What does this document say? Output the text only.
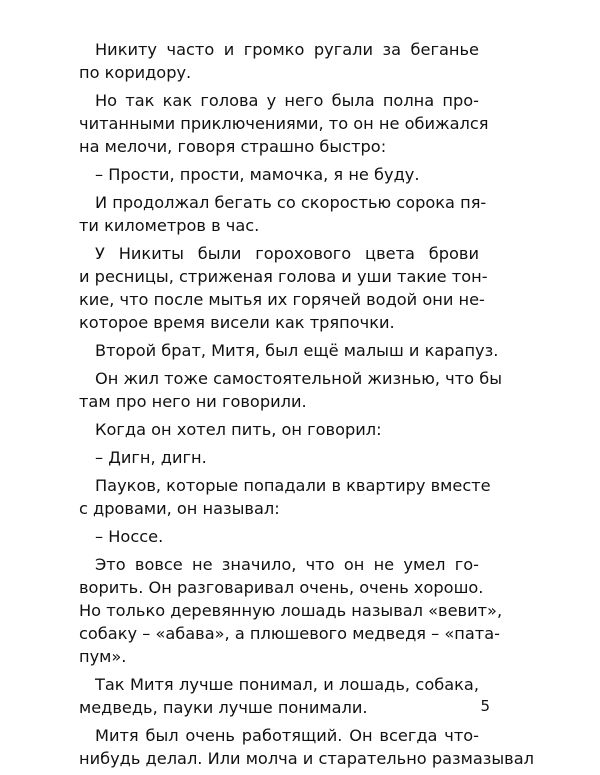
Никиту часто и громко ругали за беганье
по коридору.
Но так как голова у него была полна про-
читанными приключениями, то он не обижался
на мелочи, говоря страшно быстро:
– Прости, прости, мамочка, я не буду.
И продолжал бегать со скоростью сорока пя-
ти километров в час.
У Никиты были горохового цвета брови
и ресницы, стриженая голова и уши такие тон-
кие, что после мытья их горячей водой они не-
которое время висели как тряпочки.
Второй брат, Митя, был ещё малыш и карапуз.
Он жил тоже самостоятельной жизнью, что бы
там про него ни говорили.
Когда он хотел пить, он говорил:
– Дигн, дигн.
Пауков, которые попадали в квартиру вместе
с дровами, он называл:
– Носсе.
Это вовсе не значило, что он не умел го-
ворить. Он разговаривал очень, очень хорошо.
Но только деревянную лошадь называл «вевит»,
собаку – «абава», а плюшевого медведя – «пата-
пум».
Так Митя лучше понимал, и лошадь, собака,
медведь, пауки лучше понимали.
Митя был очень работящий. Он всегда что-
нибудь делал. Или молча и старательно размазывал
5
